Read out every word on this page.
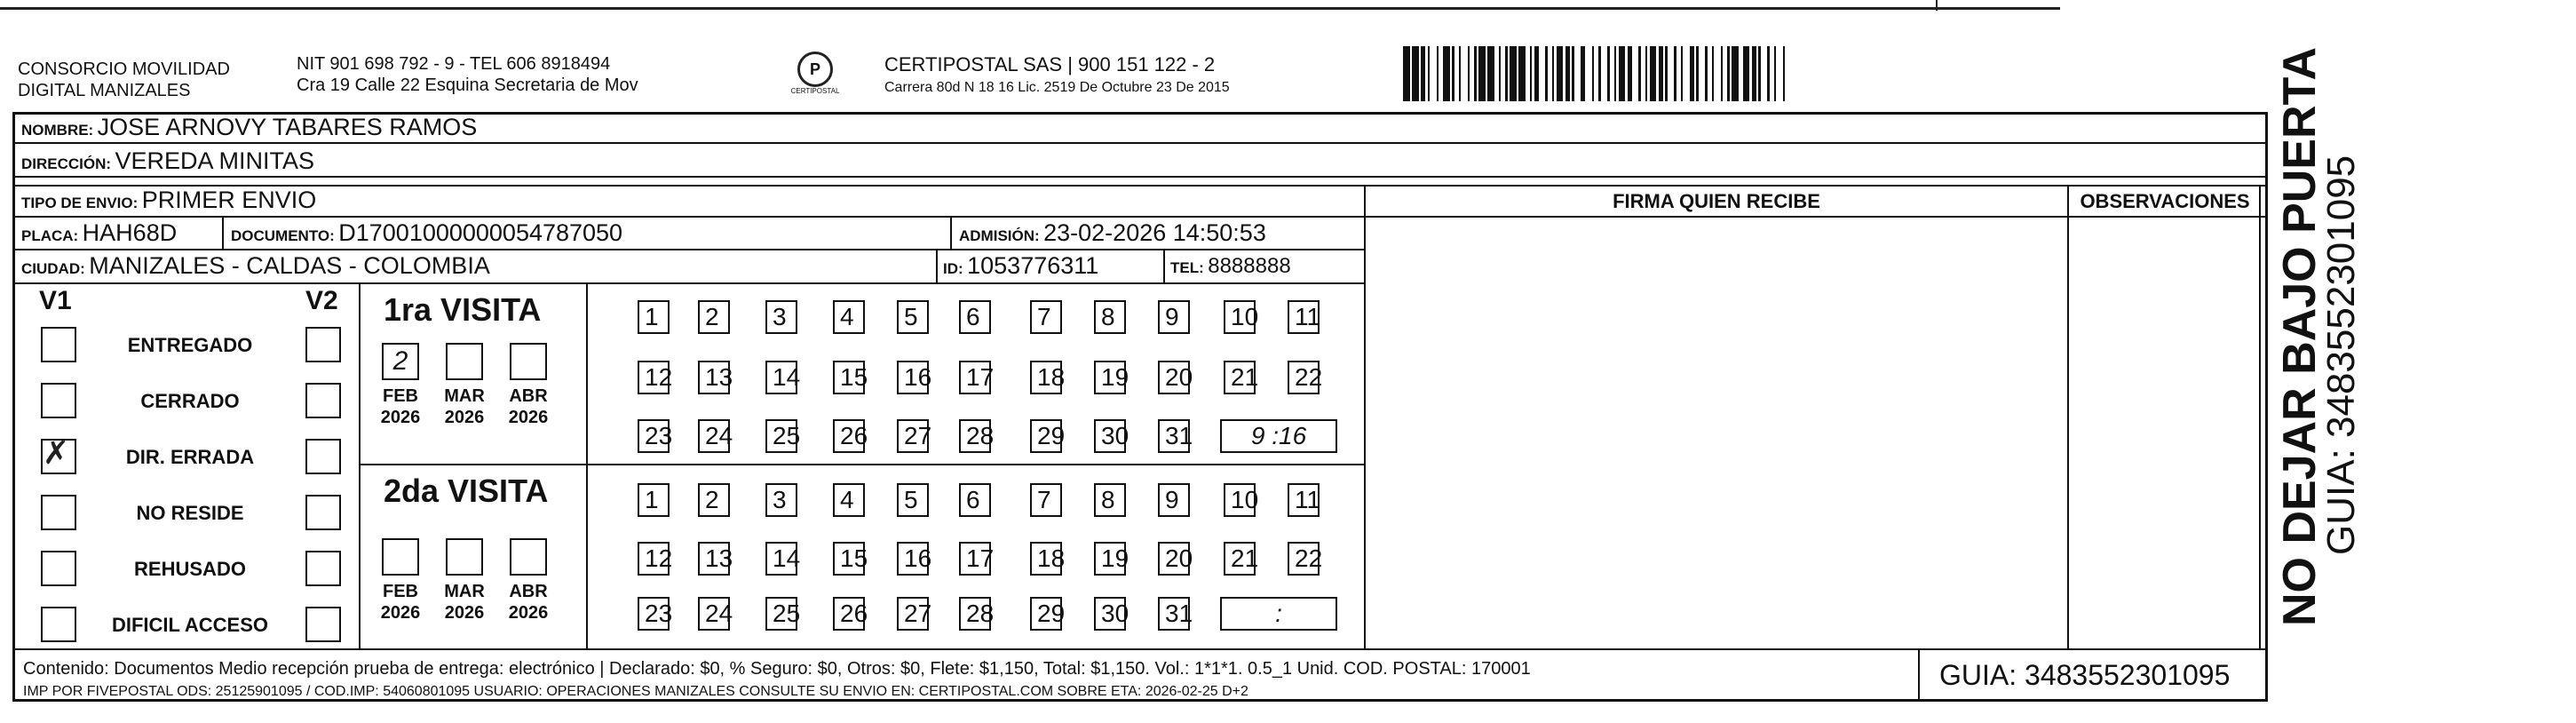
CONSORCIO MOVILIDAD
DIGITAL MANIZALES
NIT 901 698 792 - 9 - TEL 606 8918494
Cra 19 Calle 22 Esquina Secretaria de Mov
P
CERTIPOSTAL
CERTIPOSTAL SAS | 900 151 122 - 2
Carrera 80d N 18 16 Lic. 2519 De Octubre 23 De 2015
NOMBRE: JOSE ARNOVY TABARES RAMOS
DIRECCIÓN: VEREDA MINITAS
TIPO DE ENVIO: PRIMER ENVIO
PLACA: HAH68D	DOCUMENTO: D17001000000054787050	ADMISIÓN: 23-02-2026 14:50:53
CIUDAD: MANIZALES - CALDAS - COLOMBIA	ID: 1053776311	TEL: 8888888
FIRMA QUIEN RECIBE	OBSERVACIONES
V1	V2
Contenido: Documentos Medio recepción prueba de entrega: electrónico | Declarado: $0, % Seguro: $0, Otros: $0, Flete: $1,150, Total: $1,150. Vol.: 1*1*1. 0.5_1 Unid. COD. POSTAL: 170001
IMP POR FIVEPOSTAL ODS: 25125901095 / COD.IMP: 54060801095 USUARIO: OPERACIONES MANIZALES CONSULTE SU ENVIO EN: CERTIPOSTAL.COM SOBRE ETA: 2026-02-25 D+2
GUIA: 3483552301095
NO DEJAR BAJO PUERTA
GUIA: 3483552301095
ENTREGADO
CERRADO
DIR. ERRADA
✗
NO RESIDE
REHUSADO
DIFICIL ACCESO
1ra VISITA
2
FEB
2026
MAR
2026
ABR
2026
1	2	3	4	5	6	7	8	9	10 11
12 13 14 15 16 17 18 19 20 21 22
23 24 25 26 27 28 29 30 31	9 :16
2da VISITA
FEB
2026
MAR
2026
ABR
2026
1	2	3	4	5	6	7	8	9	10 11
12 13 14 15 16 17 18 19 20 21 22
23 24 25 26 27 28 29 30 31	:
